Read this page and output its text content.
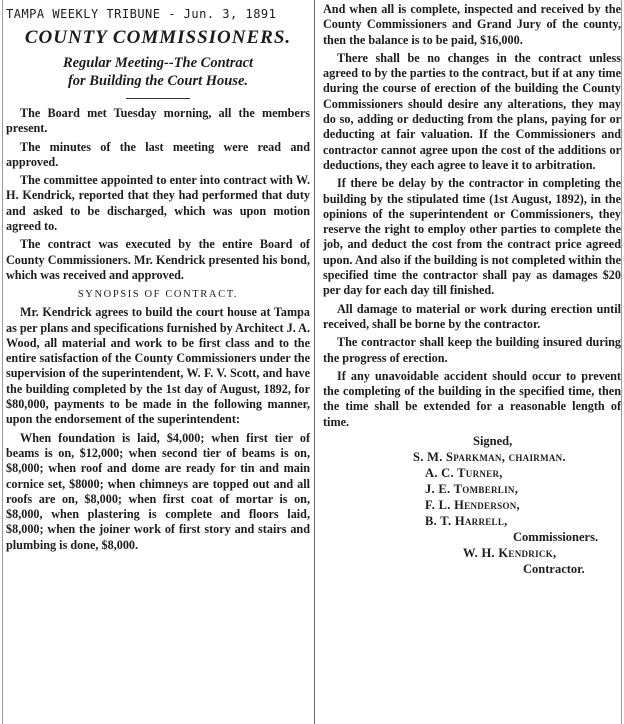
TAMPA WEEKLY TRIBUNE - Jun. 3, 1891
COUNTY COMMISSIONERS.
Regular Meeting--The Contract
for Building the Court House.

The Board met Tuesday morning, all the members present.

The minutes of the last meeting were read and approved.

The committee appointed to enter into contract with W. H. Kendrick, reported that they had performed that duty and asked to be discharged, which was upon motion agreed to.

The contract was executed by the entire Board of County Commissioners. Mr. Kendrick presented his bond, which was received and approved.

SYNOPSIS OF CONTRACT.

Mr. Kendrick agrees to build the court house at Tampa as per plans and specifications furnished by Architect J. A. Wood, all material and work to be first class and to the entire satisfaction of the County Commissioners under the supervision of the superintendent, W. F. V. Scott, and have the building completed by the 1st day of August, 1892, for $80,000, payments to be made in the following manner, upon the endorsement of the superintendent:

When foundation is laid, $4,000; when first tier of beams is on, $12,000; when second tier of beams is on, $8,000; when roof and dome are ready for tin and main cornice set, $8000; when chimneys are topped out and all roofs are on, $8,000; when first coat of mortar is on, $8,000, when plastering is complete and floors laid, $8,000; when the joiner work of first story and stairs and plumbing is done, $8,000.

And when all is complete, inspected and received by the County Commissioners and Grand Jury of the county, then the balance is to be paid, $16,000.

There shall be no changes in the contract unless agreed to by the parties to the contract, but if at any time during the course of erection of the building the County Commissioners should desire any alterations, they may do so, adding or deducting from the plans, paying for or deducting at fair valuation. If the Commissioners and contractor cannot agree upon the cost of the additions or deductions, they each agree to leave it to arbitration.

If there be delay by the contractor in completing the building by the stipulated time (1st August, 1892), in the opinions of the superintendent or Commissioners, they reserve the right to employ other parties to complete the job, and deduct the cost from the contract price agreed upon. And also if the building is not completed within the specified time the contractor shall pay as damages $20 per day for each day till finished.

All damage to material or work during erection until received, shall be borne by the contractor.

The contractor shall keep the building insured during the progress of erection.

If any unavoidable accident should occur to prevent the completing of the building in the specified time, then the time shall be extended for a reasonable length of time.

Signed,
S. M. Sparkman, chairman.
A. C. Turner,
J. E. Tomberlin,
F. L. Henderson,
B. T. Harrell,
Commissioners.
W. H. Kendrick,
Contractor.
